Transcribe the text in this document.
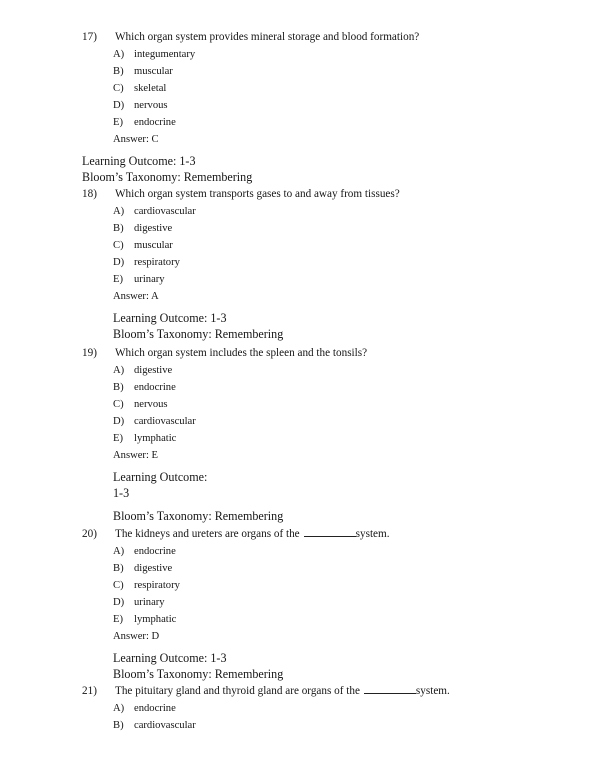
17)	Which organ system provides mineral storage and blood formation?
A) integumentary
B) muscular
C) skeletal
D) nervous
E)	endocrine
Answer: C
Learning Outcome: 1-3
Bloom’s Taxonomy: Remembering
18)	Which organ system transports gases to and away from tissues?
A) cardiovascular
B) digestive
C) muscular
D) respiratory
E)	urinary
Answer: A
Learning Outcome: 1-3
Bloom’s Taxonomy: Remembering
19)	Which organ system includes the spleen and the tonsils?
A) digestive
B) endocrine
C) nervous
D) cardiovascular
E)	lymphatic
Answer: E
Learning Outcome:
1-3
Bloom’s Taxonomy: Remembering
20)	The kidneys and ureters are organs of the	system.
A) endocrine
B) digestive
C) respiratory
D) urinary
E)	lymphatic
Answer: D
Learning Outcome: 1-3
Bloom’s Taxonomy: Remembering
21)	The pituitary gland and thyroid gland are organs of the	system.
A) endocrine
B) cardiovascular
